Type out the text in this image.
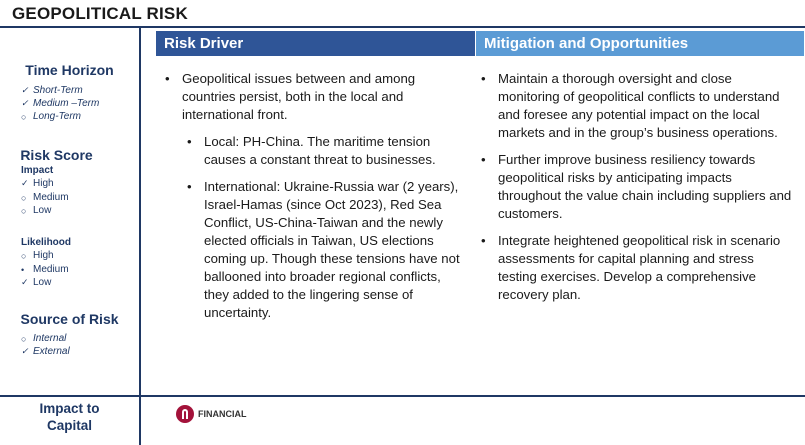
GEOPOLITICAL RISK
Time Horizon
✓ Short-Term
✓ Medium –Term
○ Long-Term
Risk Score
Impact
✓ High
○ Medium
○ Low
Likelihood
○ High
• Medium
✓ Low
Source of Risk
○ Internal
✓ External
Impact to
Capital
Risk Driver	Mitigation and Opportunities
• Geopolitical issues between and among countries persist, both in the local and international front.
• Local: PH-China. The maritime tension causes a constant threat to businesses.
• International: Ukraine-Russia war (2 years), Israel-Hamas (since Oct 2023), Red Sea Conflict, US-China-Taiwan and the newly elected officials in Taiwan, US elections coming up. Though these tensions have not ballooned into broader regional conflicts, they added to the lingering sense of uncertainty.
• Maintain a thorough oversight and close monitoring of geopolitical conflicts to understand and foresee any potential impact on the local markets and in the group’s business operations.
• Further improve business resiliency towards geopolitical risks by anticipating impacts throughout the value chain including suppliers and customers.
• Integrate heightened geopolitical risk in scenario assessments for capital planning and stress testing exercises. Develop a comprehensive recovery plan.
FINANCIAL
